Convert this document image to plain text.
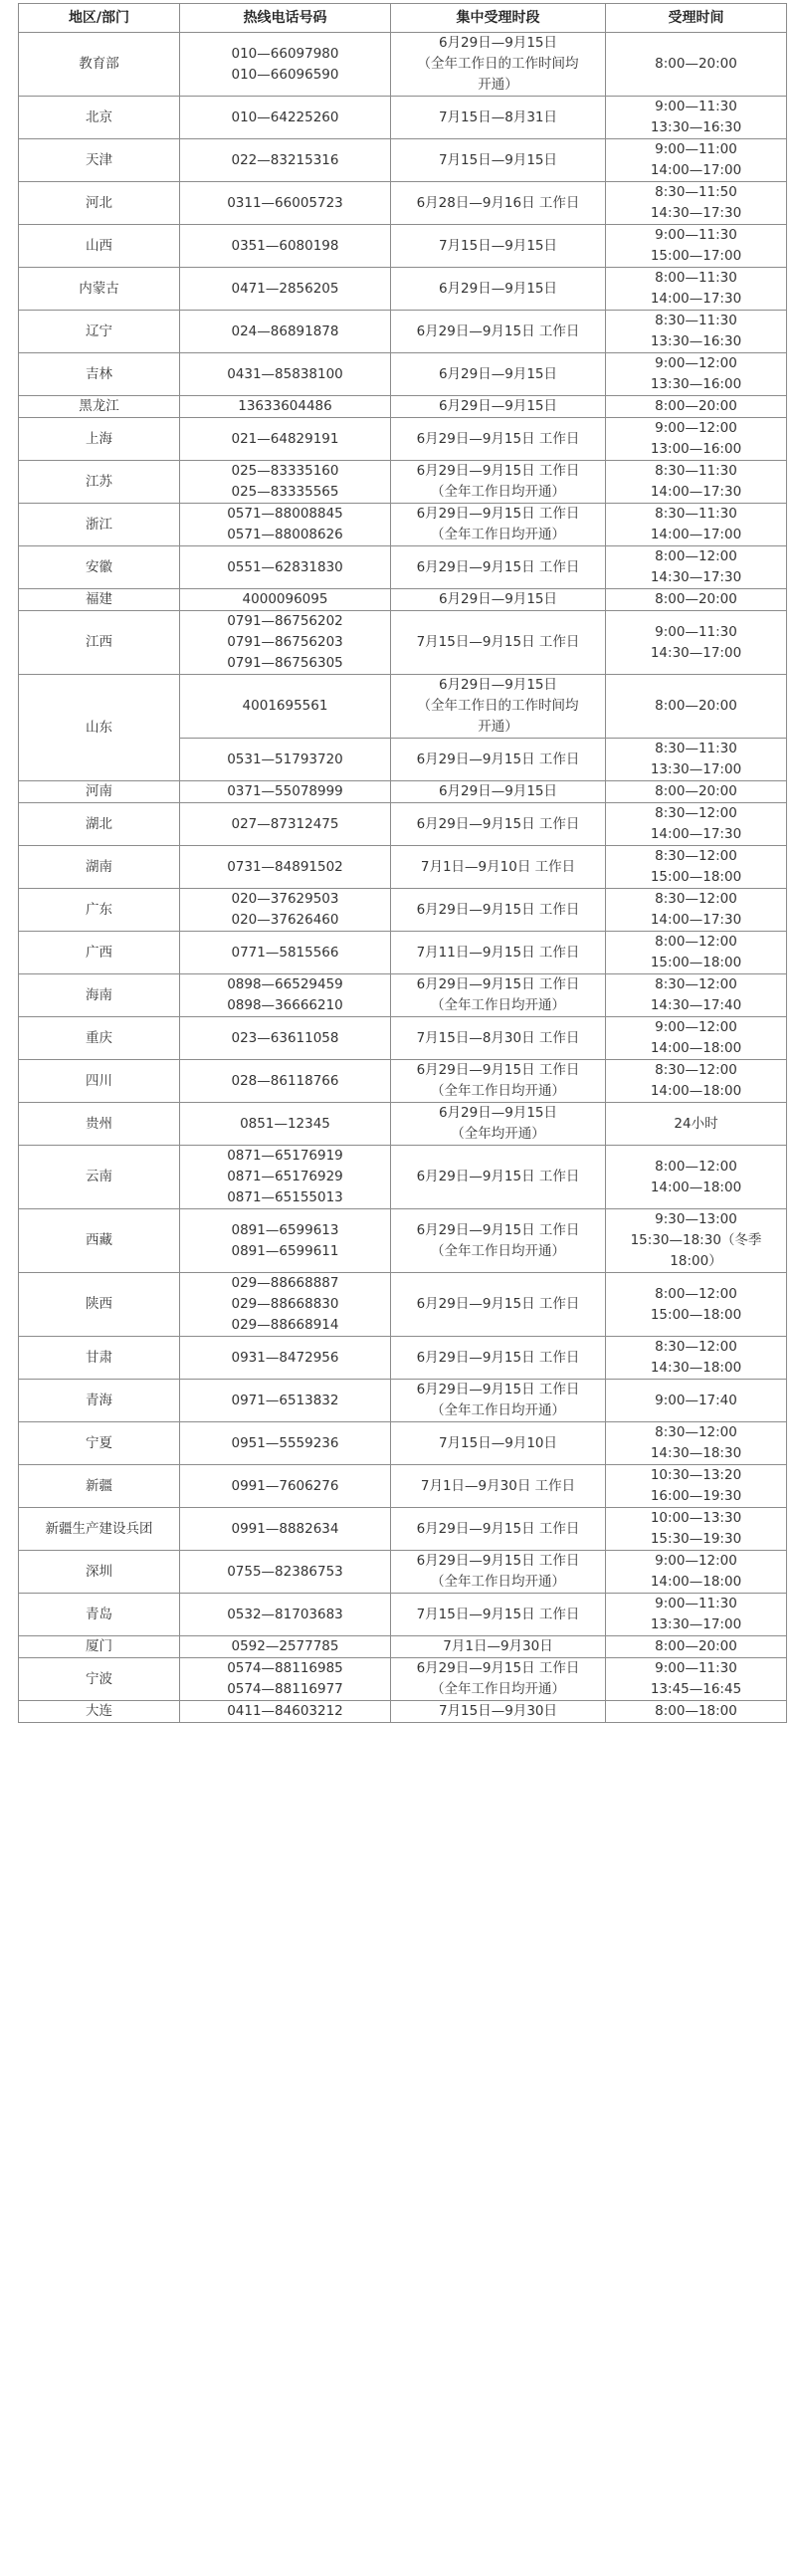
地区/部门	热线电话号码	集中受理时段	受理时间
教育部	010—66097980
010—66096590	6月29日—9月15日
（全年工作日的工作时间均
开通）	8:00—20:00

北京	010—64225260	7月15日—8月31日	9:00—11:30
13:30—16:30

天津	022—83215316	7月15日—9月15日	9:00—11:00
14:00—17:00

河北	0311—66005723	6月28日—9月16日 工作日	8:30—11:50
14:30—17:30

山西	0351—6080198	7月15日—9月15日	9:00—11:30
15:00—17:00

内蒙古	0471—2856205	6月29日—9月15日	8:00—11:30
14:00—17:30

辽宁	024—86891878	6月29日—9月15日 工作日	8:30—11:30
13:30—16:30

吉林	0431—85838100	6月29日—9月15日	9:00—12:00
13:30—16:00

黑龙江	13633604486	6月29日—9月15日	8:00—20:00

上海	021—64829191	6月29日—9月15日 工作日	9:00—12:00
13:00—16:00

江苏	025—83335160
025—83335565	6月29日—9月15日 工作日
（全年工作日均开通）	8:30—11:30
14:00—17:30

浙江	0571—88008845
0571—88008626	6月29日—9月15日 工作日
（全年工作日均开通）	8:30—11:30
14:00—17:00

安徽	0551—62831830	6月29日—9月15日 工作日	8:00—12:00
14:30—17:30

福建	4000096095	6月29日—9月15日	8:00—20:00

江西	0791—86756202
0791—86756203
0791—86756305	7月15日—9月15日 工作日	9:00—11:30
14:30—17:00

山东	4001695561	6月29日—9月15日
（全年工作日的工作时间均
开通）	8:00—20:00

	0531—51793720	6月29日—9月15日 工作日	8:30—11:30
13:30—17:00

河南	0371—55078999	6月29日—9月15日	8:00—20:00

湖北	027—87312475	6月29日—9月15日 工作日	8:30—12:00
14:00—17:30

湖南	0731—84891502	7月1日—9月10日 工作日	8:30—12:00
15:00—18:00

广东	020—37629503
020—37626460	6月29日—9月15日 工作日	8:30—12:00
14:00—17:30

广西	0771—5815566	7月11日—9月15日 工作日	8:00—12:00
15:00—18:00

海南	0898—66529459
0898—36666210	6月29日—9月15日 工作日
（全年工作日均开通）	8:30—12:00
14:30—17:40

重庆	023—63611058	7月15日—8月30日 工作日	9:00—12:00
14:00—18:00

四川	028—86118766	6月29日—9月15日 工作日
（全年工作日均开通）	8:30—12:00
14:00—18:00

贵州	0851—12345	6月29日—9月15日
（全年均开通）	24小时

云南	0871—65176919
0871—65176929
0871—65155013	6月29日—9月15日 工作日	8:00—12:00
14:00—18:00

西藏	0891—6599613
0891—6599611	6月29日—9月15日 工作日
（全年工作日均开通）	9:30—13:00
15:30—18:30（冬季
18:00）

陕西	029—88668887
029—88668830
029—88668914	6月29日—9月15日 工作日	8:00—12:00
15:00—18:00

甘肃	0931—8472956	6月29日—9月15日 工作日	8:30—12:00
14:30—18:00

青海	0971—6513832	6月29日—9月15日 工作日
（全年工作日均开通）	9:00—17:40

宁夏	0951—5559236	7月15日—9月10日	8:30—12:00
14:30—18:30

新疆	0991—7606276	7月1日—9月30日 工作日	10:30—13:20
16:00—19:30

新疆生产建设兵团	0991—8882634	6月29日—9月15日 工作日	10:00—13:30
15:30—19:30

深圳	0755—82386753	6月29日—9月15日 工作日
（全年工作日均开通）	9:00—12:00
14:00—18:00

青岛	0532—81703683	7月15日—9月15日 工作日	9:00—11:30
13:30—17:00

厦门	0592—2577785	7月1日—9月30日	8:00—20:00

宁波	0574—88116985
0574—88116977	6月29日—9月15日 工作日
（全年工作日均开通）	9:00—11:30
13:45—16:45

大连	0411—84603212	7月15日—9月30日	8:00—18:00
